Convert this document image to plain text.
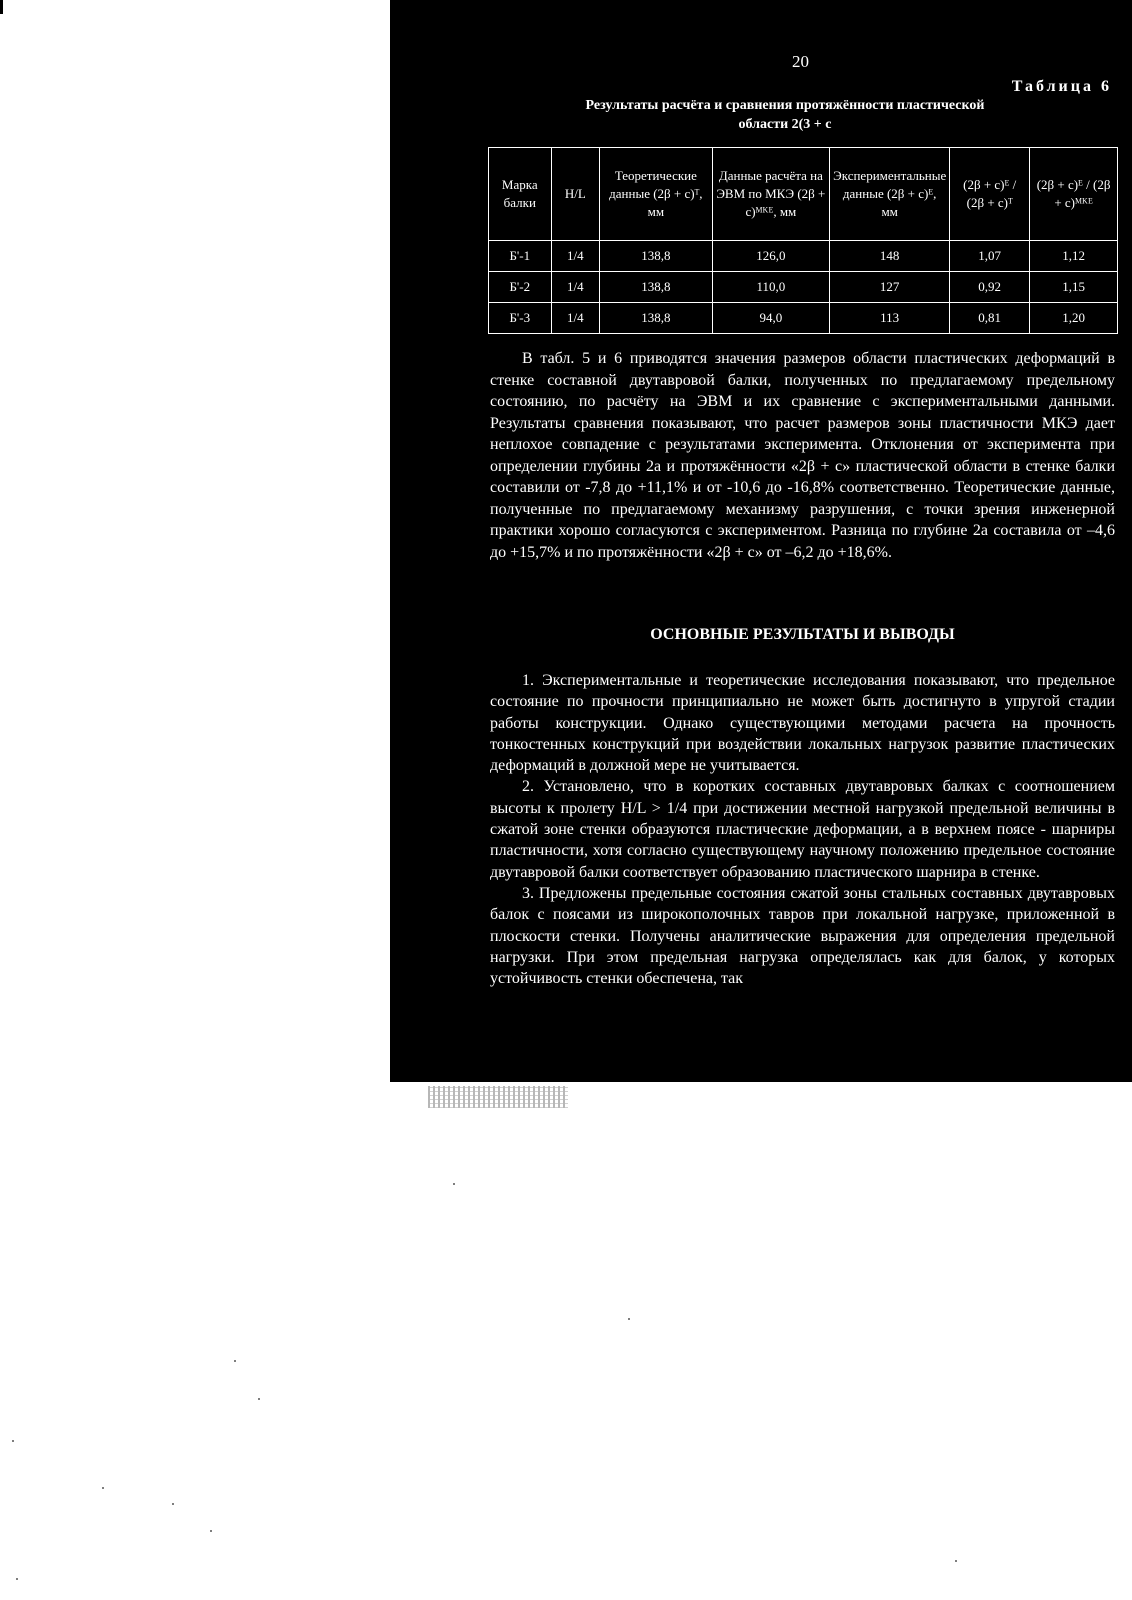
20
Таблица 6
Результаты расчёта и сравнения протяжённости пластической области 2(3 + с
Марка балки	H/L	Теоретические данные (2β + c)ᵀ, мм	Данные расчёта на ЭВМ по МКЭ (2β + c)ᴹᴷᴱ, мм	Экспериментальные данные (2β + c)ᴱ, мм	(2β + c)ᴱ / (2β + c)ᵀ	(2β + c)ᴱ / (2β + c)ᴹᴷᴱ
Б'-1	1/4	138,8	126,0	148	1,07	1,12
Б'-2	1/4	138,8	110,0	127	0,92	1,15
Б'-3	1/4	138,8	94,0	113	0,81	1,20

В табл. 5 и 6 приводятся значения размеров области пластических деформаций в стенке составной двутавровой балки, полученных по предлагаемому предельному состоянию, по расчёту на ЭВМ и их сравнение с экспериментальными данными. Результаты сравнения показывают, что расчет размеров зоны пластичности МКЭ дает неплохое совпадение с результатами эксперимента. Отклонения от эксперимента при определении глубины 2а и протяжённости «2β + c» пластической области в стенке балки составили от -7,8 до +11,1% и от -10,6 до -16,8% соответственно. Теоретические данные, полученные по предлагаемому механизму разрушения, с точки зрения инженерной практики хорошо согласуются с экспериментом. Разница по глубине 2а составила от –4,6 до +15,7% и по протяжённости «2β + c» от –6,2 до +18,6%.

ОСНОВНЫЕ РЕЗУЛЬТАТЫ И ВЫВОДЫ

1. Экспериментальные и теоретические исследования показывают, что предельное состояние по прочности принципиально не может быть достигнуто в упругой стадии работы конструкции. Однако существующими методами расчета на прочность тонкостенных конструкций при воздействии локальных нагрузок развитие пластических деформаций в должной мере не учитывается.

2. Установлено, что в коротких составных двутавровых балках с соотношением высоты к пролету H/L > 1/4 при достижении местной нагрузкой предельной величины в сжатой зоне стенки образуются пластические деформации, а в верхнем поясе - шарниры пластичности, хотя согласно существующему научному положению предельное состояние двутавровой балки соответствует образованию пластического шарнира в стенке.

3. Предложены предельные состояния сжатой зоны стальных составных двутавровых балок с поясами из широкополочных тавров при локальной нагрузке, приложенной в плоскости стенки. Получены аналитические выражения для определения предельной нагрузки. При этом предельная нагрузка определялась как для балок, у которых устойчивость стенки обеспечена, так
